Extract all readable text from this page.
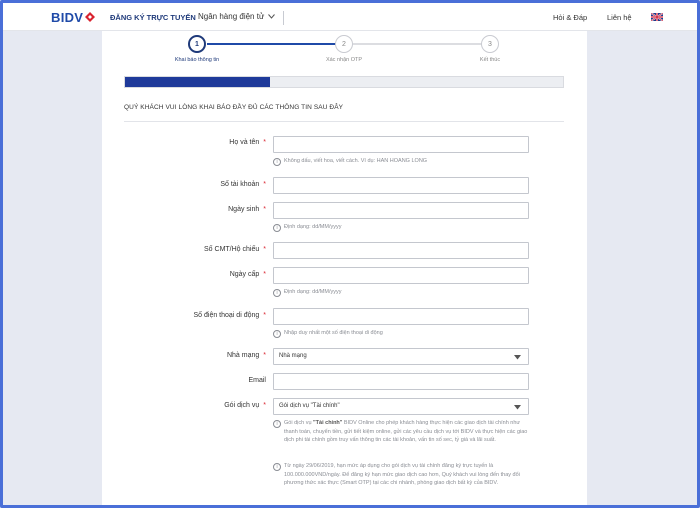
BIDV	ĐĂNG KÝ TRỰC TUYẾN Ngân hàng điện tử	Hỏi & Đáp	Liên hệ
1
Khai báo thông tin
2
Xác nhận OTP
3
Kết thúc
QUÝ KHÁCH VUI LÒNG KHAI BÁO ĐẦY ĐỦ CÁC THÔNG TIN SAU ĐÂY
Họ và tên *
i	Không dấu, viết hoa, viết cách. Ví dụ: HAN HOANG LONG
Số tài khoản *
Ngày sinh *
i	Định dạng: dd/MM/yyyy
Số CMT/Hộ chiếu *
Ngày cấp *
i	Định dạng: dd/MM/yyyy
Số điện thoại di động *
i	Nhập duy nhất một số điện thoại di động
Nhà mạng * Nhà mạng
Email
Gói dịch vụ * Gói dịch vụ "Tài chính"
i	Gói dịch vụ "Tài chính" BIDV Online cho phép khách hàng thực hiện các giao dịch tài chính như thanh toán, chuyển tiền, gửi tiết kiệm online, gửi các yêu cầu dịch vụ tới BIDV và thực hiện các giao dịch phi tài chính gồm truy vấn thông tin các tài khoản, vấn tin số sec, tỷ giá và lãi suất.
i	Từ ngày 29/06/2019, hạn mức áp dụng cho gói dịch vụ tài chính đăng ký trực tuyến là 100.000.000VND/ngày. Để đăng ký hạn mức giao dịch cao hơn, Quý khách vui lòng đến thay đổi phương thức xác thực (Smart OTP) tại các chi nhánh, phòng giao dịch bất kỳ của BIDV.
